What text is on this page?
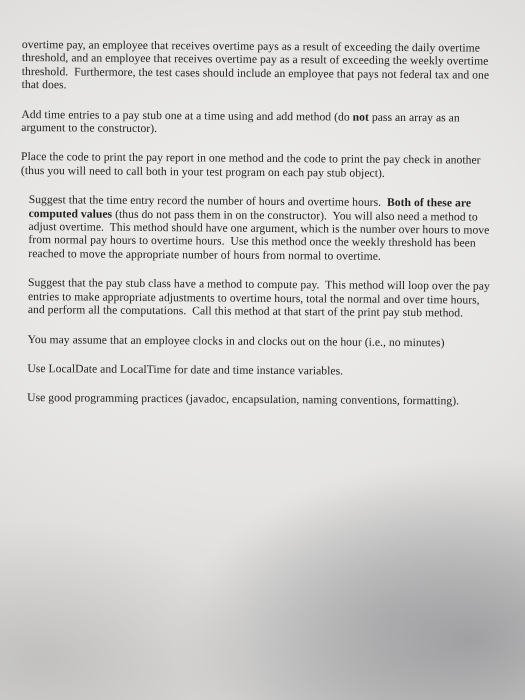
overtime pay, an employee that receives overtime pays as a result of exceeding the daily overtime threshold, and an employee that receives overtime pay as a result of exceeding the weekly overtime threshold.  Furthermore, the test cases should include an employee that pays not federal tax and one that does.

Add time entries to a pay stub one at a time using and add method (do not pass an array as an argument to the constructor).

Place the code to print the pay report in one method and the code to print the pay check in another (thus you will need to call both in your test program on each pay stub object).

Suggest that the time entry record the number of hours and overtime hours.  Both of these are computed values (thus do not pass them in on the constructor).  You will also need a method to adjust overtime.  This method should have one argument, which is the number over hours to move from normal pay hours to overtime hours.  Use this method once the weekly threshold has been reached to move the appropriate number of hours from normal to overtime.

Suggest that the pay stub class have a method to compute pay.  This method will loop over the pay entries to make appropriate adjustments to overtime hours, total the normal and over time hours, and perform all the computations.  Call this method at that start of the print pay stub method.

You may assume that an employee clocks in and clocks out on the hour (i.e., no minutes)

Use LocalDate and LocalTime for date and time instance variables.

Use good programming practices (javadoc, encapsulation, naming conventions, formatting).
